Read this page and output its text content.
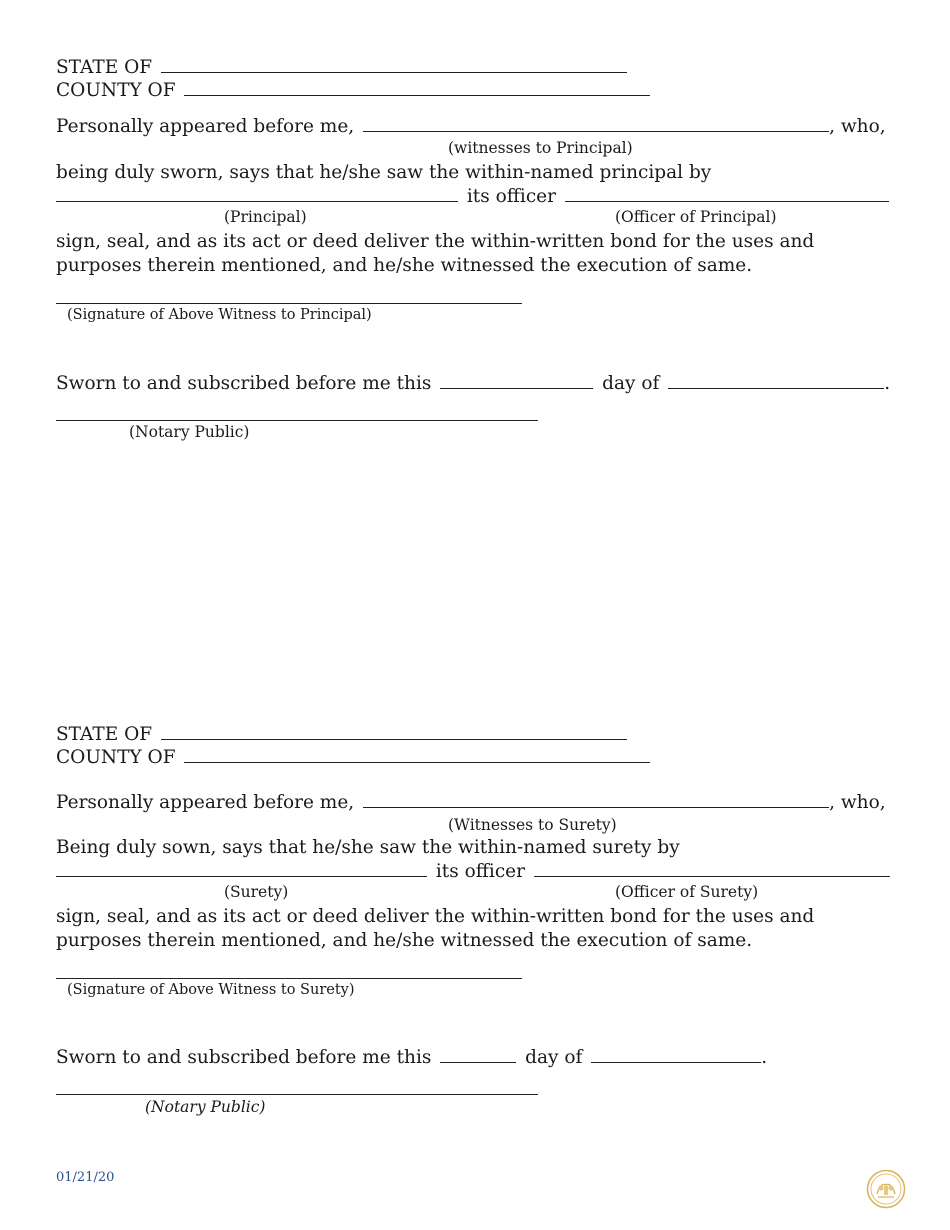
STATE OF
COUNTY OF
Personally appeared before me,	, who,
(witnesses to Principal)
being duly sworn, says that he/she saw the within-named principal by
its officer
(Principal)	(Officer of Principal)
sign, seal, and as its act or deed deliver the within-written bond for the uses and purposes therein mentioned, and he/she witnessed the execution of same.
(Signature of Above Witness to Principal)
Sworn to and subscribed before me this	day of	.
(Notary Public)
STATE OF
COUNTY OF
Personally appeared before me,	, who,
(Witnesses to Surety)
Being duly sown, says that he/she saw the within-named surety by
its officer
(Surety)	(Officer of Surety)
sign, seal, and as its act or deed deliver the within-written bond for the uses and purposes therein mentioned, and he/she witnessed the execution of same.
(Signature of Above Witness to Surety)
Sworn to and subscribed before me this	day of	.
(Notary Public)
01/21/20
